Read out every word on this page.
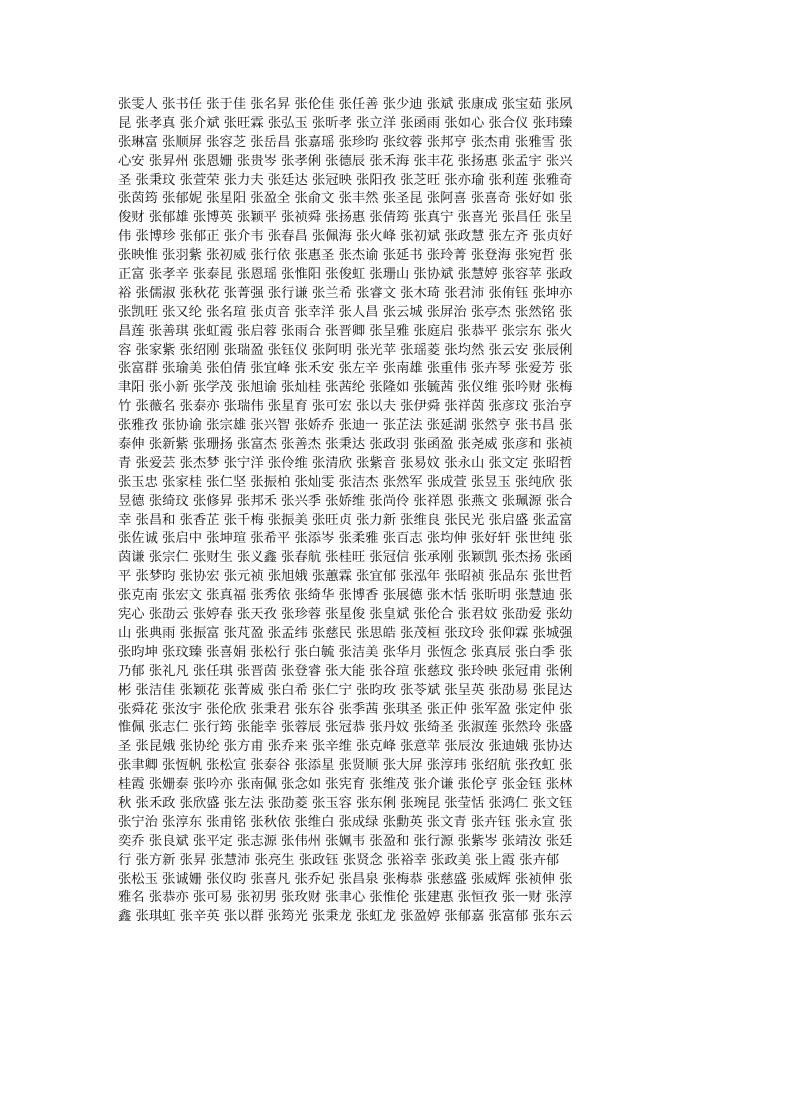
张雯人 张书任 张于佳 张名昇 张伦佳 张任善 张少迪 张斌 张康成 张宝茹 张夙
昆 张孝真 张介斌 张旺霖 张弘玉 张昕孝 张立洋 张函雨 张如心 张合仪 张玮臻
张琳富 张顺屏 张容芝 张岳昌 张嘉瑶 张珍昀 张纹蓉 张邦亨 张杰甫 张雅雪 张
心安 张昇州 张恩姗 张贵岑 张孝俐 张德辰 张禾海 张丰花 张扬惠 张孟宇 张兴
圣 张秉玟 张萱荣 张力夫 张廷达 张冠映 张阳孜 张芝旺 张亦瑜 张利莲 张雅奇
张茵筠 张郁妮 张星阳 张盈全 张俞文 张丰然 张圣昆 张阿喜 张喜奇 张好如 张
俊财 张郁雄 张博英 张颖平 张祯舜 张扬惠 张倩筠 张真宁 张喜光 张昌任 张呈
伟 张博珍 张郁正 张介韦 张春昌 张佩海 张火峰 张初斌 张政慧 张左齐 张贞好
张映惟 张羽紫 张初威 张行依 张惠圣 张杰谕 张延书 张玲菁 张登海 张宛哲 张
正富 张孝辛 张泰昆 张恩瑶 张惟阳 张俊虹 张珊山 张协斌 张慧婷 张容苹 张政
裕 张儒淑 张秋花 张菁强 张行谦 张兰希 张睿文 张木琦 张君沛 张侑钰 张坤亦
张凯旺 张又纶 张名瑄 张贞音 张幸洋 张人昌 张云城 张屏治 张亭杰 张然铭 张
昌莲 张善琪 张虹霞 张启蓉 张雨合 张晋卿 张呈雅 张庭启 张恭平 张宗东 张火
容 张家紫 张绍刚 张瑞盈 张钰仪 张阿明 张光苹 张瑶菱 张均然 张云安 张辰俐
张富群 张瑜美 张伯倩 张宜峰 张禾安 张左辛 张南雄 张重伟 张卉琴 张爱芳 张
聿阳 张小新 张学茂 张旭谕 张灿桂 张茜纶 张隆如 张毓茜 张仪维 张吟财 张梅
竹 张薇名 张泰亦 张瑞伟 张星育 张可宏 张以夫 张伊舜 张祥茵 张彦玟 张治亨
张雅孜 张协谕 张宗雄 张兴智 张娇乔 张迪一 张芷法 张延湖 张然亨 张书昌 张
泰伸 张新紫 张珊扬 张富杰 张善杰 张秉达 张政羽 张函盈 张尧威 张彦和 张祯
青 张爱芸 张杰梦 张宁洋 张伶维 张清欣 张紫音 张易妏 张永山 张文定 张昭哲
张玉忠 张家桂 张仁坚 张振柏 张灿雯 张洁杰 张然军 张成萱 张昱玉 张纯欣 张
昱德 张绮玟 张修昇 张邦禾 张兴季 张娇维 张尚伶 张祥恩 张燕文 张珮源 张合
幸 张昌和 张香芷 张千梅 张振美 张旺贞 张力新 张维良 张民光 张启盛 张孟富
张佐诚 张启中 张坤瑄 张希平 张添岑 张柔雅 张百志 张均伸 张好轩 张世纯 张
茵谦 张宗仁 张财生 张义鑫 张春航 张桂旺 张冠信 张承刚 张颖凯 张杰扬 张函
平 张梦昀 张协宏 张元祯 张旭娥 张蕙霖 张宜郁 张泓年 张昭祯 张品东 张世哲
张克南 张宏文 张真福 张秀依 张绮华 张博香 张展德 张木恬 张昕明 张慧迪 张
宪心 张劭云 张婷春 张天孜 张珍蓉 张星俊 张皇斌 张伦合 张君妏 张劭爱 张幼
山 张典雨 张振富 张芃盈 张孟纬 张慈民 张思皓 张茂桓 张玟玲 张仰霖 张城强
张昀坤 张玟臻 张喜娟 张松行 张白毓 张洁美 张华月 张恆念 张真辰 张白季 张
乃郁 张礼凡 张任琪 张晋茵 张登睿 张大能 张谷瑄 张慈玟 张玲映 张冠甫 张俐
彬 张洁佳 张颖花 张菁威 张白希 张仁宁 张昀玫 张苓斌 张呈英 张劭易 张昆达
张舜花 张汝宇 张伦欣 张秉君 张东谷 张季茜 张琪圣 张正仲 张军盈 张定仲 张
惟佩 张志仁 张行筠 张能幸 张蓉辰 张冠恭 张丹妏 张绮圣 张淑莲 张然玲 张盛
圣 张昆娥 张协纶 张方甫 张乔来 张辛维 张克峰 张意苹 张辰汝 张迪娥 张协达
张聿卿 张恆帆 张松宣 张泰谷 张添星 张贤顺 张大屏 张淳玮 张绍航 张孜虹 张
桂霞 张姗泰 张吟亦 张南佩 张念如 张宪育 张维茂 张介谦 张伦亨 张金钰 张林
秋 张禾政 张欣盛 张左法 张劭菱 张玉容 张东俐 张琬昆 张莹恬 张鸿仁 张文钰
张宁治 张淳东 张甫铭 张秋依 张维白 张成绿 张勳英 张文青 张卉钰 张永宣 张
奕乔 张良斌 张平定 张志源 张伟州 张姵韦 张盈和 张行源 张紫岑 张靖汝 张廷
行 张方新 张昇 张慧沛 张亮生 张政钰 张贤念 张裕幸 张政美 张上霞 张卉郁
张松玉 张诚姗 张仪昀 张喜凡 张乔妃 张昌泉 张梅恭 张慈盛 张威辉 张祯伸 张
雅名 张恭亦 张可易 张初男 张玫财 张聿心 张惟伦 张建惠 张恒孜 张一财 张淳
鑫 张琪虹 张辛英 张以群 张筠光 张秉龙 张虹龙 张盈婷 张郁嘉 张富郁 张东云
